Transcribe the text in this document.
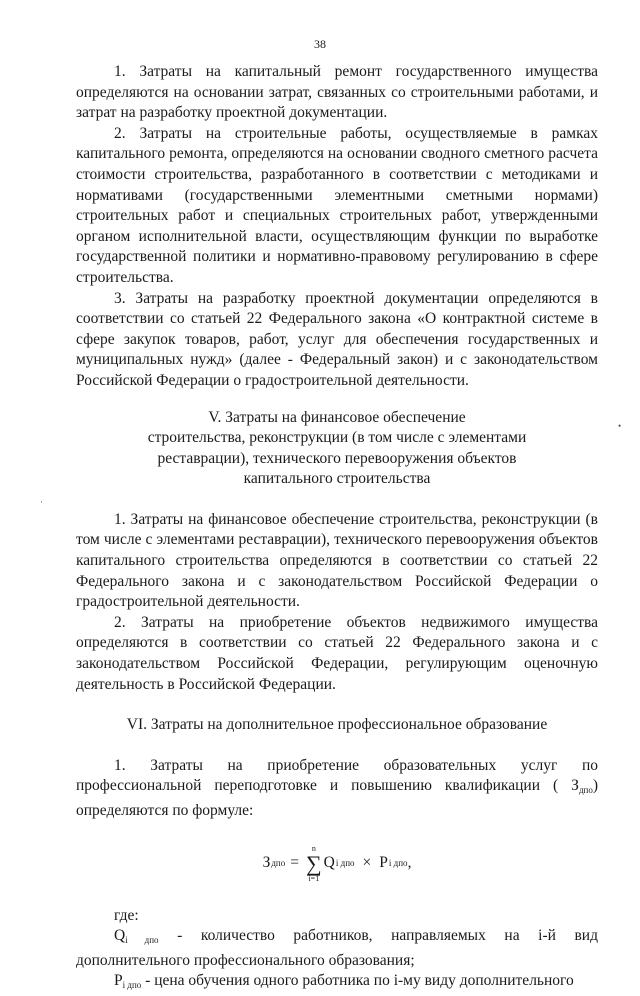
38
•
·

1. Затраты на капитальный ремонт государственного имущества определяются на основании затрат, связанных со строительными работами, и затрат на разработку проектной документации.

2. Затраты на строительные работы, осуществляемые в рамках капитального ремонта, определяются на основании сводного сметного расчета стоимости строительства, разработанного в соответствии с методиками и нормативами (государственными элементными сметными нормами) строительных работ и специальных строительных работ, утвержденными органом исполнительной власти, осуществляющим функции по выработке государственной политики и нормативно-правовому регулированию в сфере строительства.

3. Затраты на разработку проектной документации определяются в соответствии со статьей 22 Федерального закона «О контрактной системе в сфере закупок товаров, работ, услуг для обеспечения государственных и муниципальных нужд» (далее - Федеральный закон) и с законодательством Российской Федерации о градостроительной деятельности.

V. Затраты на финансовое обеспечение
строительства, реконструкции (в том числе с элементами
реставрации), технического перевооружения объектов
капитального строительства

1. Затраты на финансовое обеспечение строительства, реконструкции (в том числе с элементами реставрации), технического перевооружения объектов капитального строительства определяются в соответствии со статьей 22 Федерального закона и с законодательством Российской Федерации о градостроительной деятельности.

2. Затраты на приобретение объектов недвижимого имущества определяются в соответствии со статьей 22 Федерального закона и с законодательством Российской Федерации, регулирующим оценочную деятельность в Российской Федерации.

VI. Затраты на дополнительное профессиональное образование

1. Затраты на приобретение образовательных услуг по профессиональной переподготовке и повышению квалификации ( Здпо) определяются по формуле:

З дпо =
n
∑
i=1
Q i дпо × P i дпо ,
где:

Qi дпо - количество работников, направляемых на i-й вид дополнительного профессионального образования;

Pi дпо - цена обучения одного работника по i-му виду дополнительного
